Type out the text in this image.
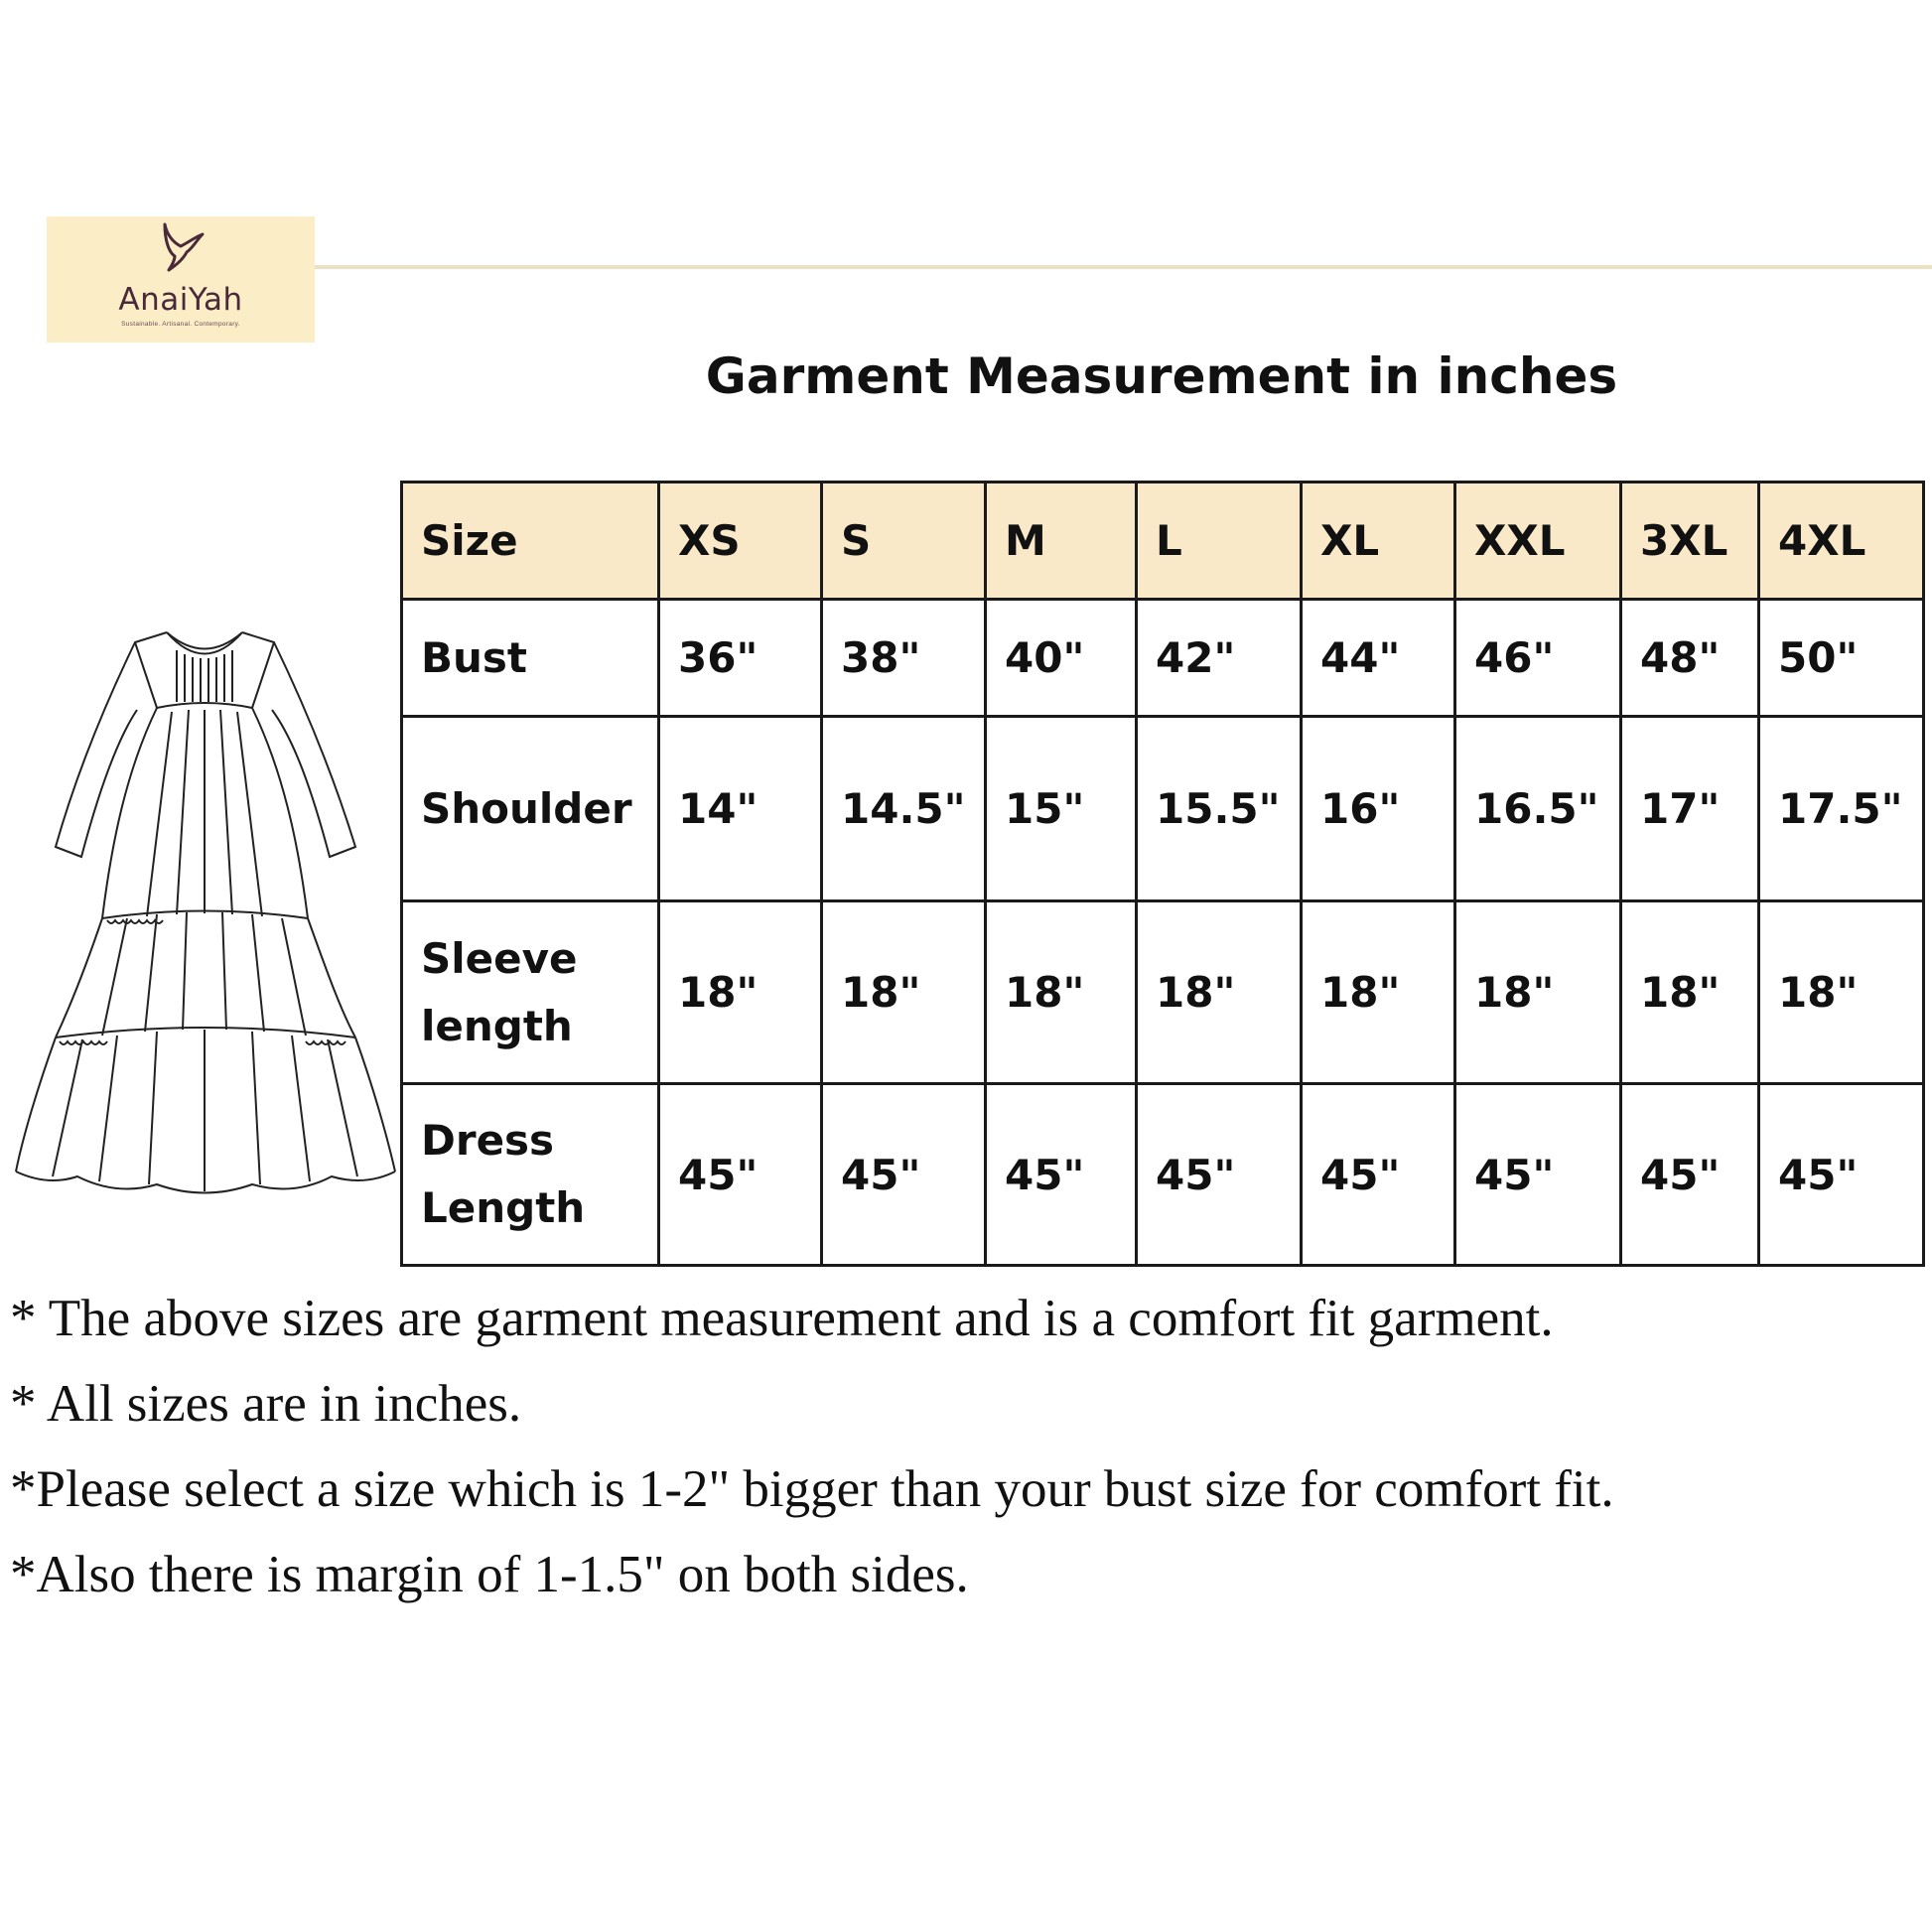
AnaiYah
Sustainable. Artisanal. Contemporary.
Garment Measurement in inches
Size	XS	S	M	L	XL	XXL	3XL	4XL
Bust	36"	38"	40"	42"	44"	46"	48"	50"
Shoulder	14"	14.5"	15"	15.5"	16"	16.5"	17"	17.5"
Sleeve length	18"	18"	18"	18"	18"	18"	18"	18"
Dress Length	45"	45"	45"	45"	45"	45"	45"	45"
* The above sizes are garment measurement and is a comfort fit garment.
* All sizes are in inches.
*Please select a size which is 1-2" bigger than your bust size for comfort fit.
*Also there is margin of 1-1.5" on both sides.
